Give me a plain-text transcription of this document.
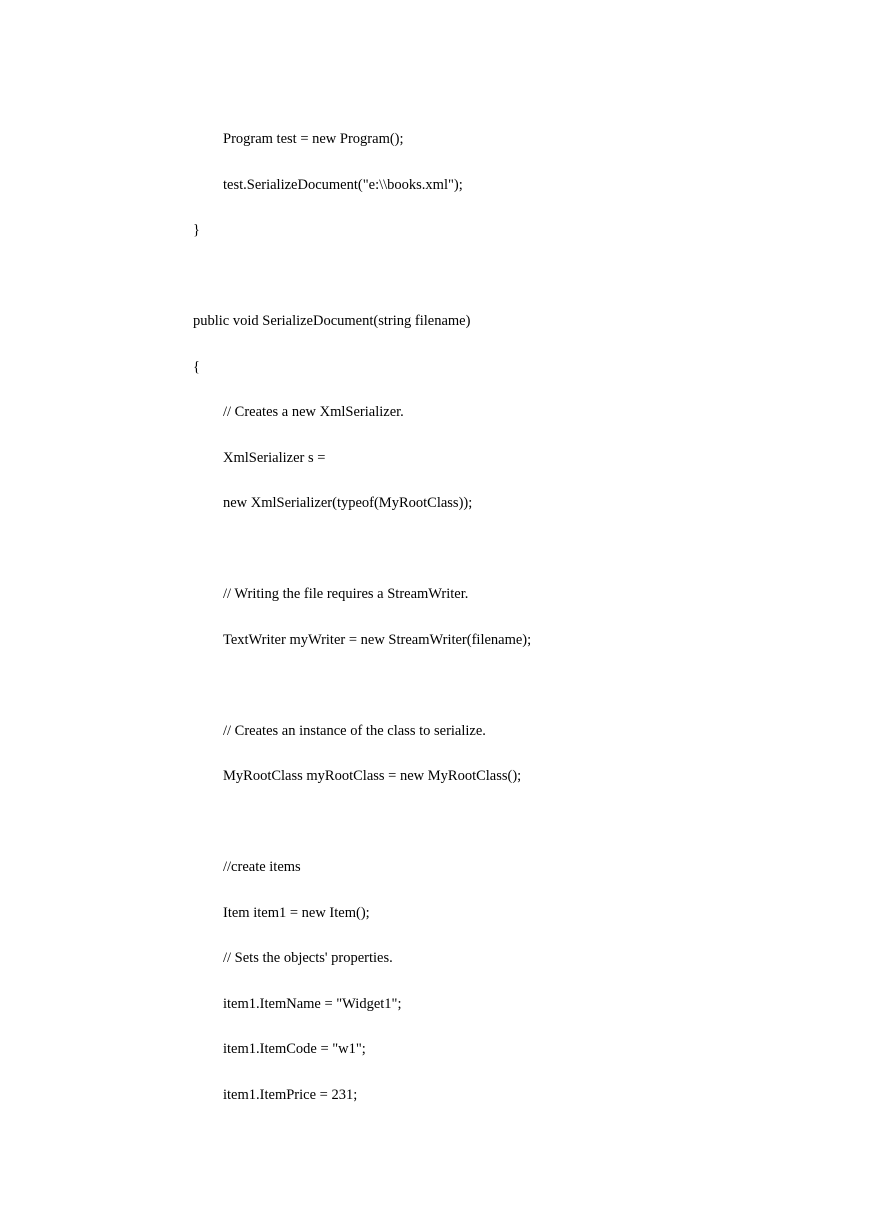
Program test = new Program();

test.SerializeDocument("e:\\books.xml");

}

public void SerializeDocument(string filename)

{

// Creates a new XmlSerializer.

XmlSerializer s =

new XmlSerializer(typeof(MyRootClass));

// Writing the file requires a StreamWriter.

TextWriter myWriter = new StreamWriter(filename);

// Creates an instance of the class to serialize.

MyRootClass myRootClass = new MyRootClass();

//create items

Item item1 = new Item();

// Sets the objects' properties.

item1.ItemName = "Widget1";

item1.ItemCode = "w1";

item1.ItemPrice = 231;
